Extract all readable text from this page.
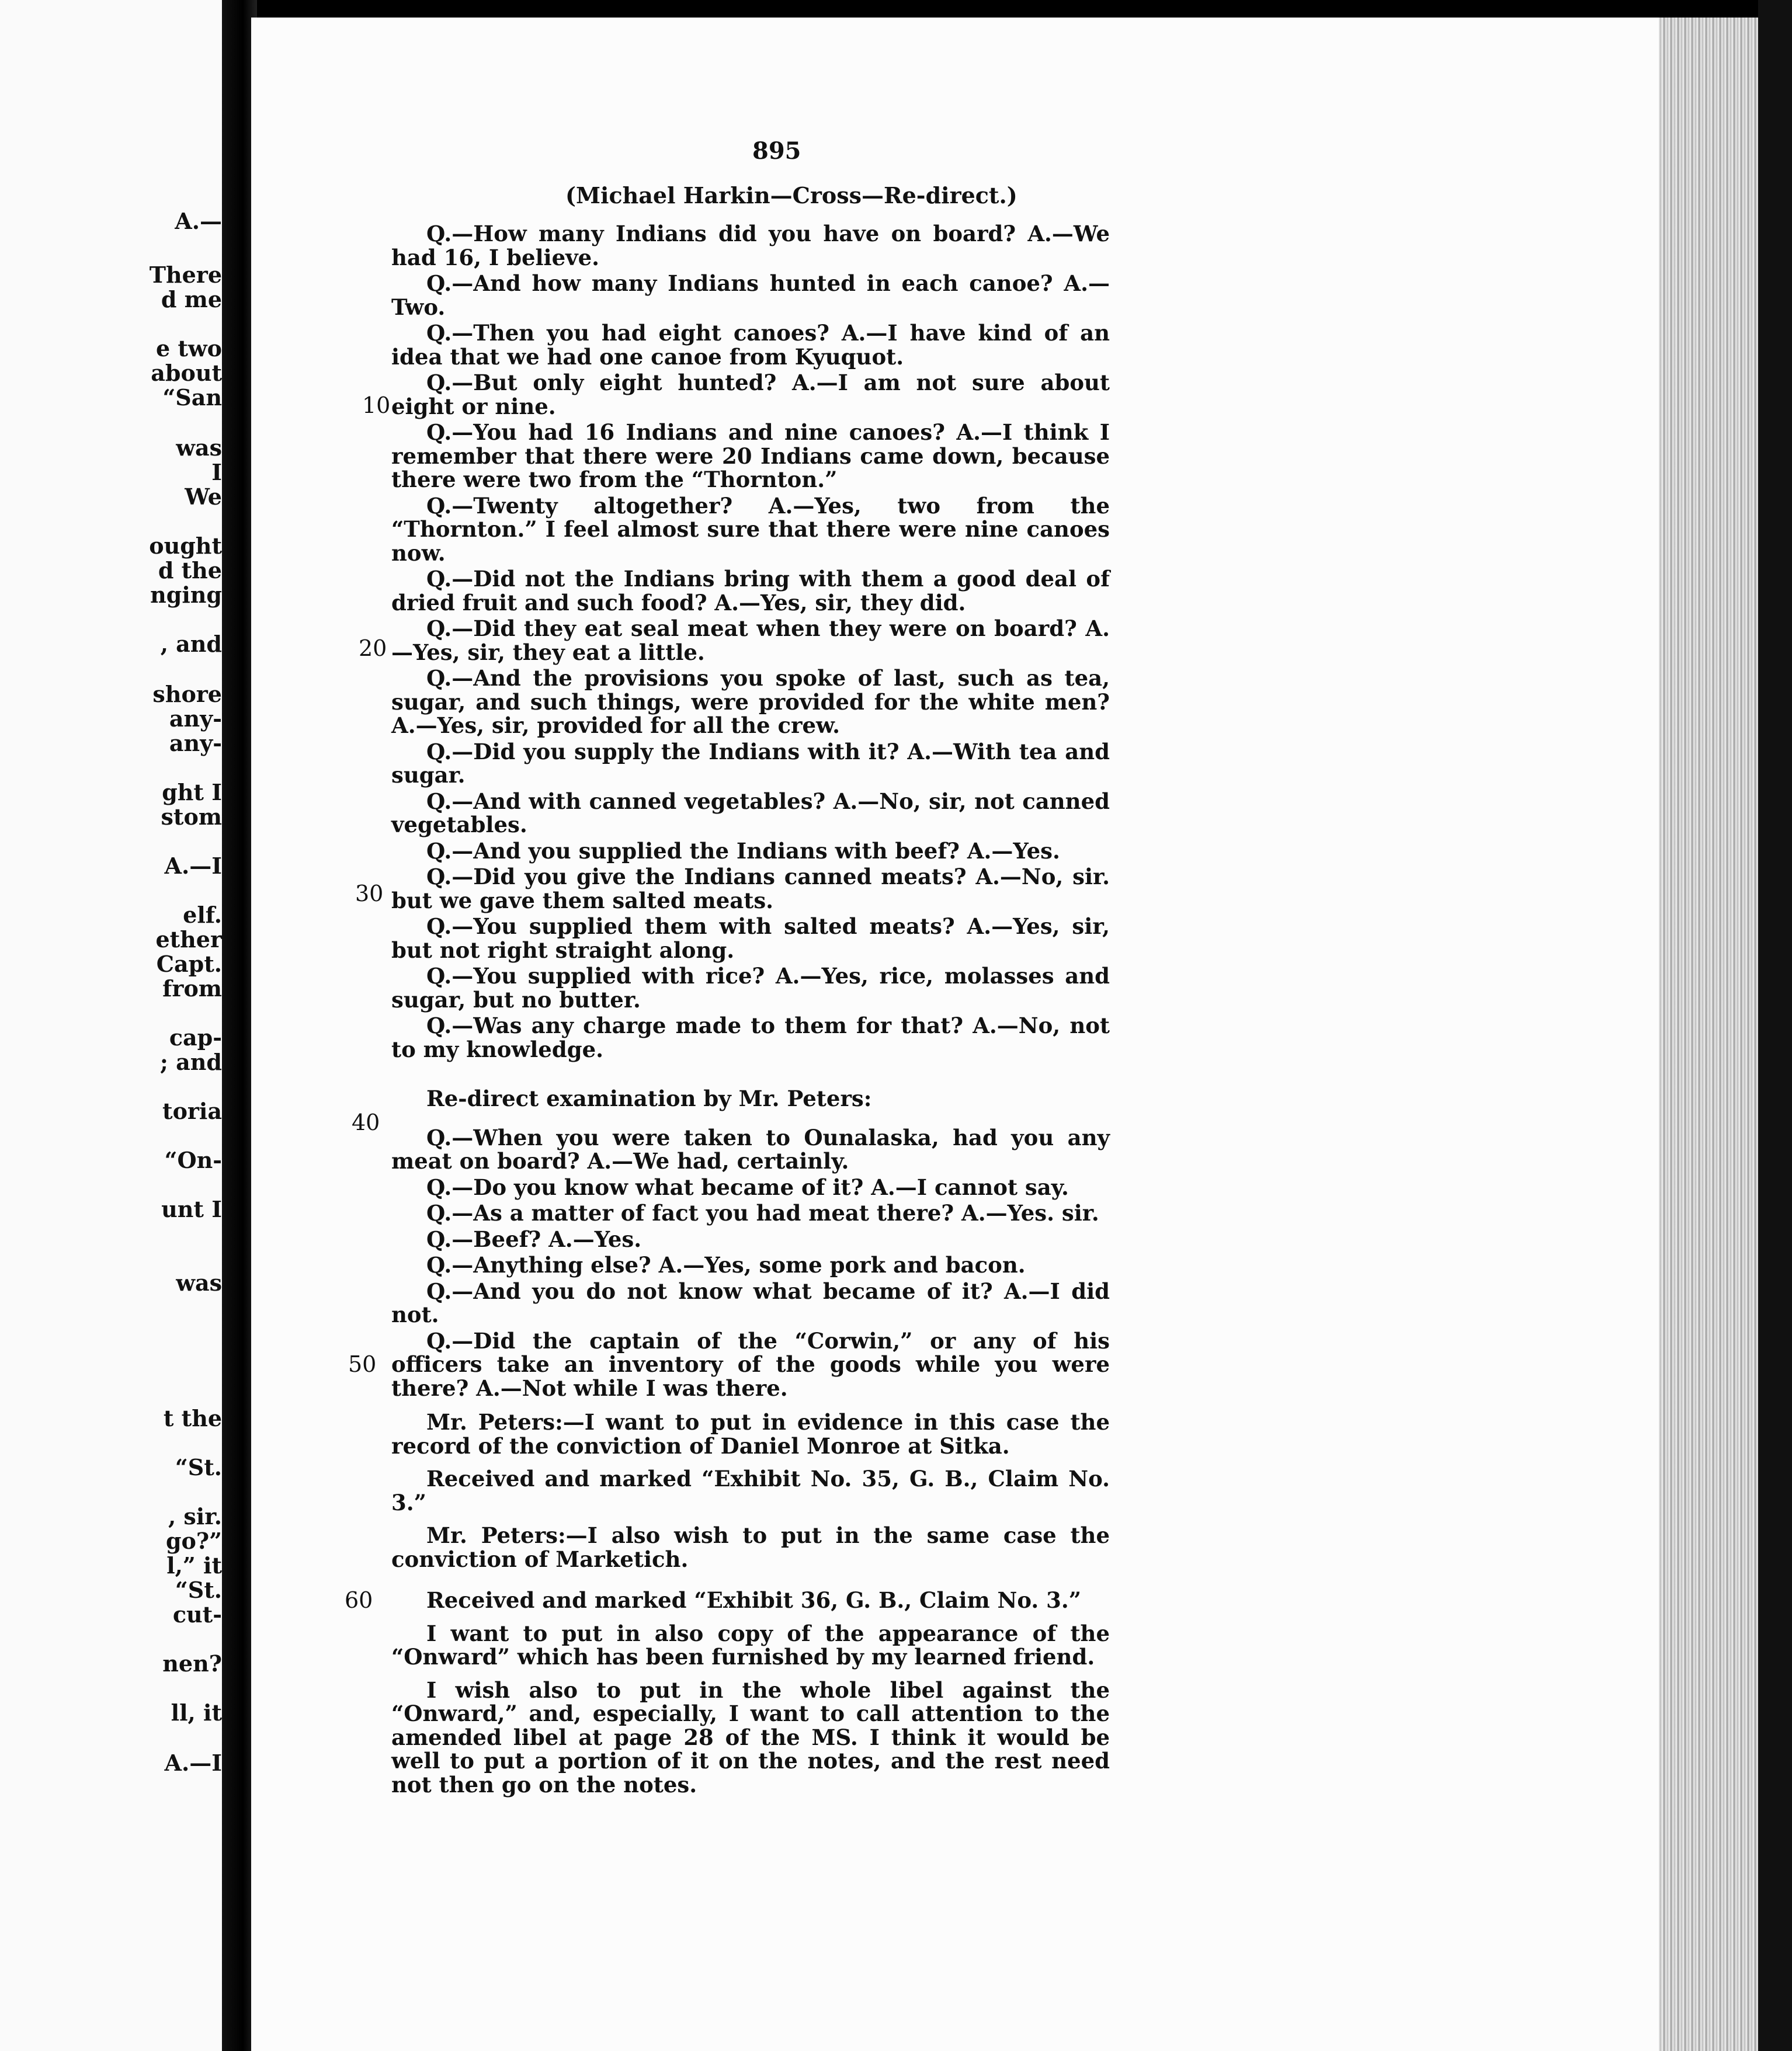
A.—
There
d me
e two
about
“San
was
I
We
ought
d the
nging
, and
shore
any-
any-
ght I
stom
A.—I
elf.
ether
Capt.
from
cap-
; and
toria
“On-
unt I
was
t the
“St.
, sir.
go?”
l,” it
“St.
cut-
nen?
ll, it
A.—I
895
(Michael Harkin—Cross—Re-direct.)
10
20
30
40
50
60

Q.—How many Indians did you have on board? A.—We had 16, I believe.

Q.—And how many Indians hunted in each canoe? A.—Two.

Q.—Then you had eight canoes? A.—I have kind of an idea that we had one canoe from Kyuquot.

Q.—But only eight hunted? A.—I am not sure about eight or nine.

Q.—You had 16 Indians and nine canoes? A.—I think I remember that there were 20 Indians came down, because there were two from the “Thornton.”

Q.—Twenty altogether? A.—Yes, two from the “Thornton.” I feel almost sure that there were nine canoes now.

Q.—Did not the Indians bring with them a good deal of dried fruit and such food? A.—Yes, sir, they did.

Q.—Did they eat seal meat when they were on board? A.—Yes, sir, they eat a little.

Q.—And the provisions you spoke of last, such as tea, sugar, and such things, were provided for the white men? A.—Yes, sir, provided for all the crew.

Q.—Did you supply the Indians with it? A.—With tea and sugar.

Q.—And with canned vegetables? A.—No, sir, not canned vegetables.

Q.—And you supplied the Indians with beef? A.—Yes.

Q.—Did you give the Indians canned meats? A.—No, sir. but we gave them salted meats.

Q.—You supplied them with salted meats? A.—Yes, sir, but not right straight along.

Q.—You supplied with rice? A.—Yes, rice, molasses and sugar, but no butter.

Q.—Was any charge made to them for that? A.—No, not to my knowledge.

Re-direct examination by Mr. Peters:

Q.—When you were taken to Ounalaska, had you any meat on board? A.—We had, certainly.

Q.—Do you know what became of it? A.—I cannot say.

Q.—As a matter of fact you had meat there? A.—Yes. sir.

Q.—Beef? A.—Yes.

Q.—Anything else? A.—Yes, some pork and bacon.

Q.—And you do not know what became of it? A.—I did not.

Q.—Did the captain of the “Corwin,” or any of his officers take an inventory of the goods while you were there? A.—Not while I was there.

Mr. Peters:—I want to put in evidence in this case the record of the conviction of Daniel Monroe at Sitka.

Received and marked “Exhibit No. 35, G. B., Claim No. 3.”

Mr. Peters:—I also wish to put in the same case the conviction of Marketich.

Received and marked “Exhibit 36, G. B., Claim No. 3.”

I want to put in also copy of the appearance of the “Onward” which has been furnished by my learned friend.

I wish also to put in the whole libel against the “Onward,” and, especially, I want to call attention to the amended libel at page 28 of the MS. I think it would be well to put a portion of it on the notes, and the rest need not then go on the notes.
